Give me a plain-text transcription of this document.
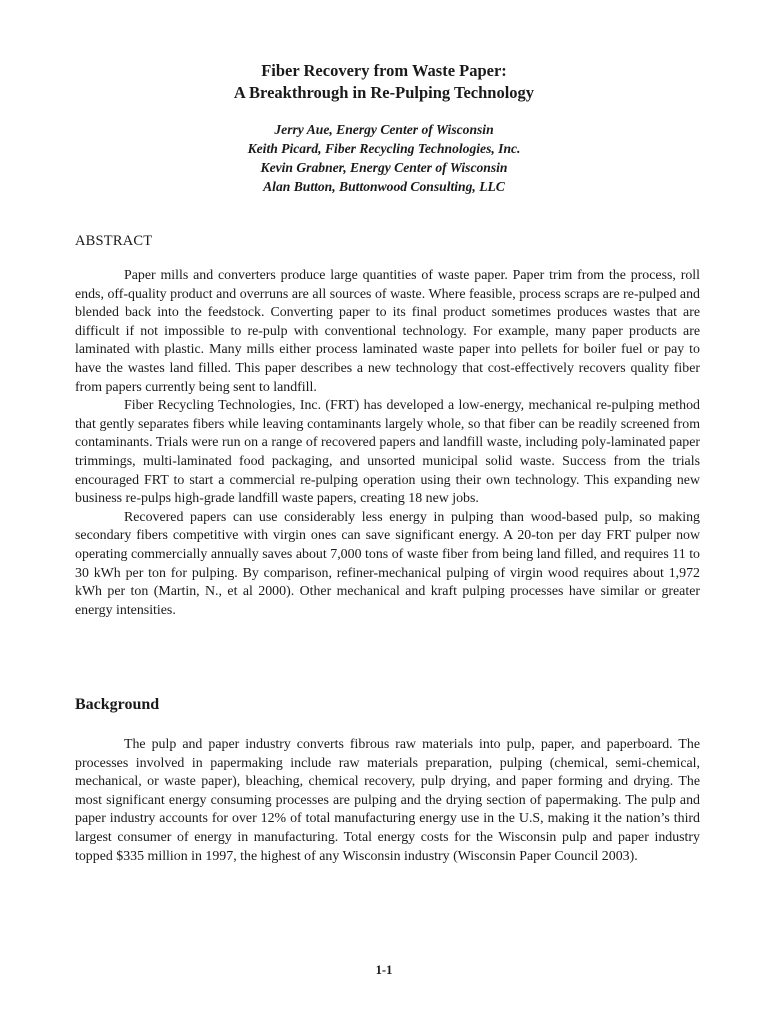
Fiber Recovery from Waste Paper:
A Breakthrough in Re-Pulping Technology
Jerry Aue, Energy Center of Wisconsin
Keith Picard, Fiber Recycling Technologies, Inc.
Kevin Grabner, Energy Center of Wisconsin
Alan Button, Buttonwood Consulting, LLC
ABSTRACT

Paper mills and converters produce large quantities of waste paper. Paper trim from the process, roll ends, off-quality product and overruns are all sources of waste. Where feasible, process scraps are re-pulped and blended back into the feedstock. Converting paper to its final product sometimes produces wastes that are difficult if not impossible to re-pulp with conventional technology. For example, many paper products are laminated with plastic. Many mills either process laminated waste paper into pellets for boiler fuel or pay to have the wastes land filled. This paper describes a new technology that cost-effectively recovers quality fiber from papers currently being sent to landfill.

Fiber Recycling Technologies, Inc. (FRT) has developed a low-energy, mechanical re-pulping method that gently separates fibers while leaving contaminants largely whole, so that fiber can be readily screened from contaminants. Trials were run on a range of recovered papers and landfill waste, including poly-laminated paper trimmings, multi-laminated food packaging, and unsorted municipal solid waste. Success from the trials encouraged FRT to start a commercial re-pulping operation using their own technology. This expanding new business re-pulps high-grade landfill waste papers, creating 18 new jobs.

Recovered papers can use considerably less energy in pulping than wood-based pulp, so making secondary fibers competitive with virgin ones can save significant energy. A 20-ton per day FRT pulper now operating commercially annually saves about 7,000 tons of waste fiber from being land filled, and requires 11 to 30 kWh per ton for pulping. By comparison, refiner-mechanical pulping of virgin wood requires about 1,972 kWh per ton (Martin, N., et al 2000). Other mechanical and kraft pulping processes have similar or greater energy intensities.

Background

The pulp and paper industry converts fibrous raw materials into pulp, paper, and paperboard. The processes involved in papermaking include raw materials preparation, pulping (chemical, semi-chemical, mechanical, or waste paper), bleaching, chemical recovery, pulp drying, and paper forming and drying. The most significant energy consuming processes are pulping and the drying section of papermaking. The pulp and paper industry accounts for over 12% of total manufacturing energy use in the U.S, making it the nation’s third largest consumer of energy in manufacturing. Total energy costs for the Wisconsin pulp and paper industry topped $335 million in 1997, the highest of any Wisconsin industry (Wisconsin Paper Council 2003).

1-1
